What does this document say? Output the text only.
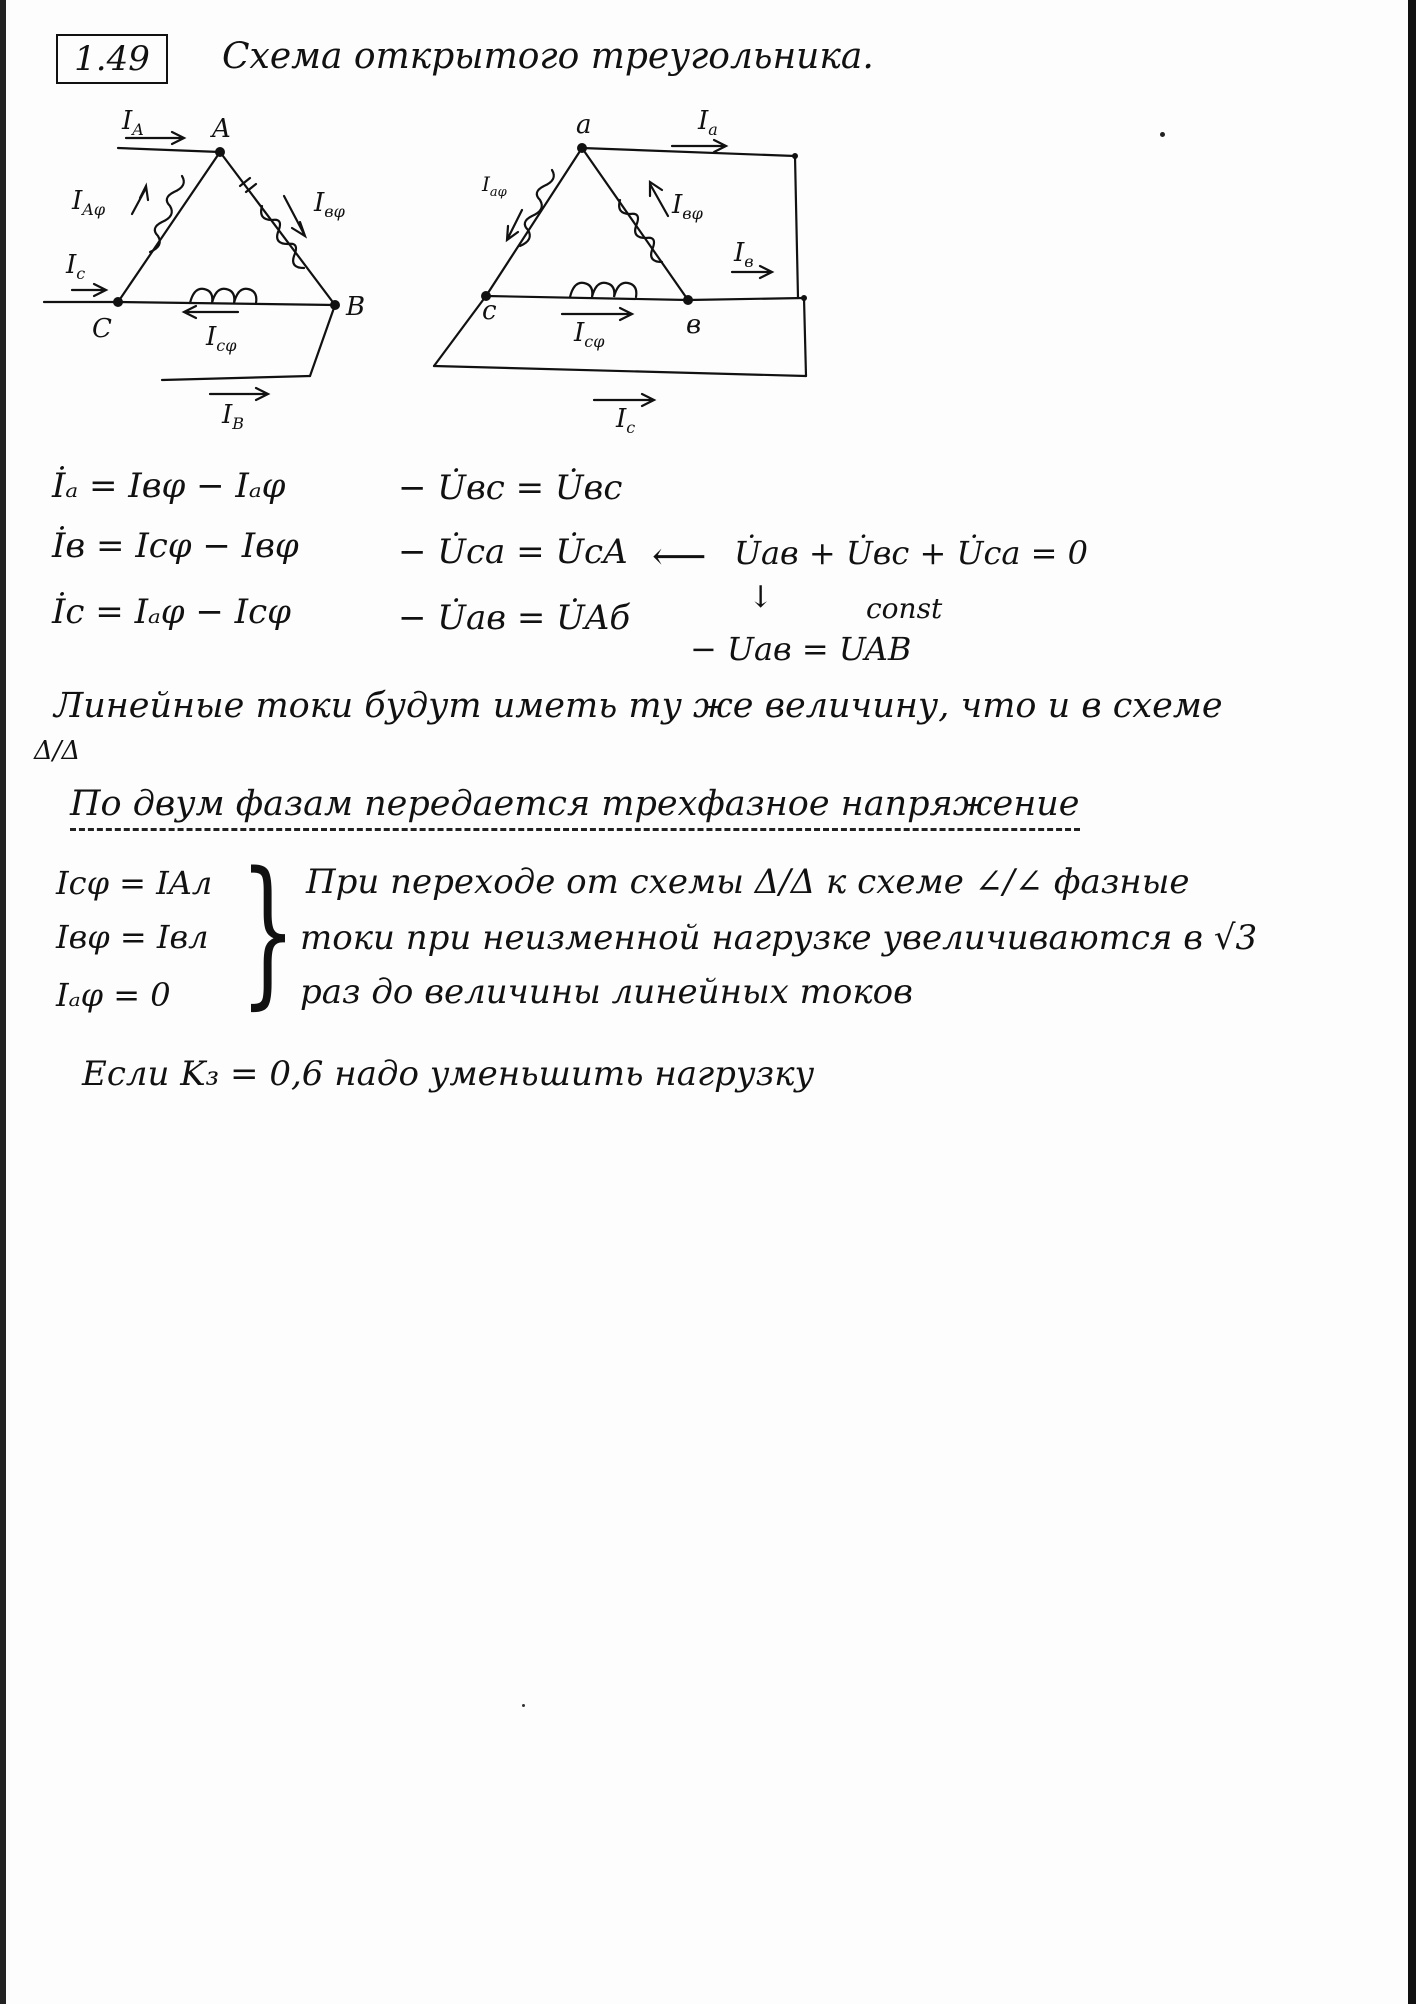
1.49	Схема открытого треугольника.
A
B
C
$I_A$
$I_{A\varphi}$	$I_{в\varphi}$
$I_c$
$I_{c\varphi}$
$I_B$
a
в
c
$I_a$
$I_{a\varphi}$	$I_{в\varphi}$
$I_в$
$I_{c\varphi}$
$I_c$
İₐ = Iвφ − Iₐφ
İв = Icφ − Iвφ
İc = Iₐφ − Icφ
− U̇вc = U̇вc
− U̇ca = U̇cA
− U̇aв = U̇Aб
⟵ U̇aв + U̇вc + U̇ca = 0
const
↓
− Uaв = UAB
Линейные токи будут иметь ту же величину, что и в схеме
Δ/Δ
По двум фазам передается трехфазное напряжение
Icφ = IAл
Iвφ = Iвл
Iₐφ = 0 } При переходе от схемы Δ/Δ к схеме ∠/∠ фазные
токи при неизменной нагрузке увеличиваются в √3
раз до величины линейных токов
Если K₃ = 0,6 надо уменьшить нагрузку
